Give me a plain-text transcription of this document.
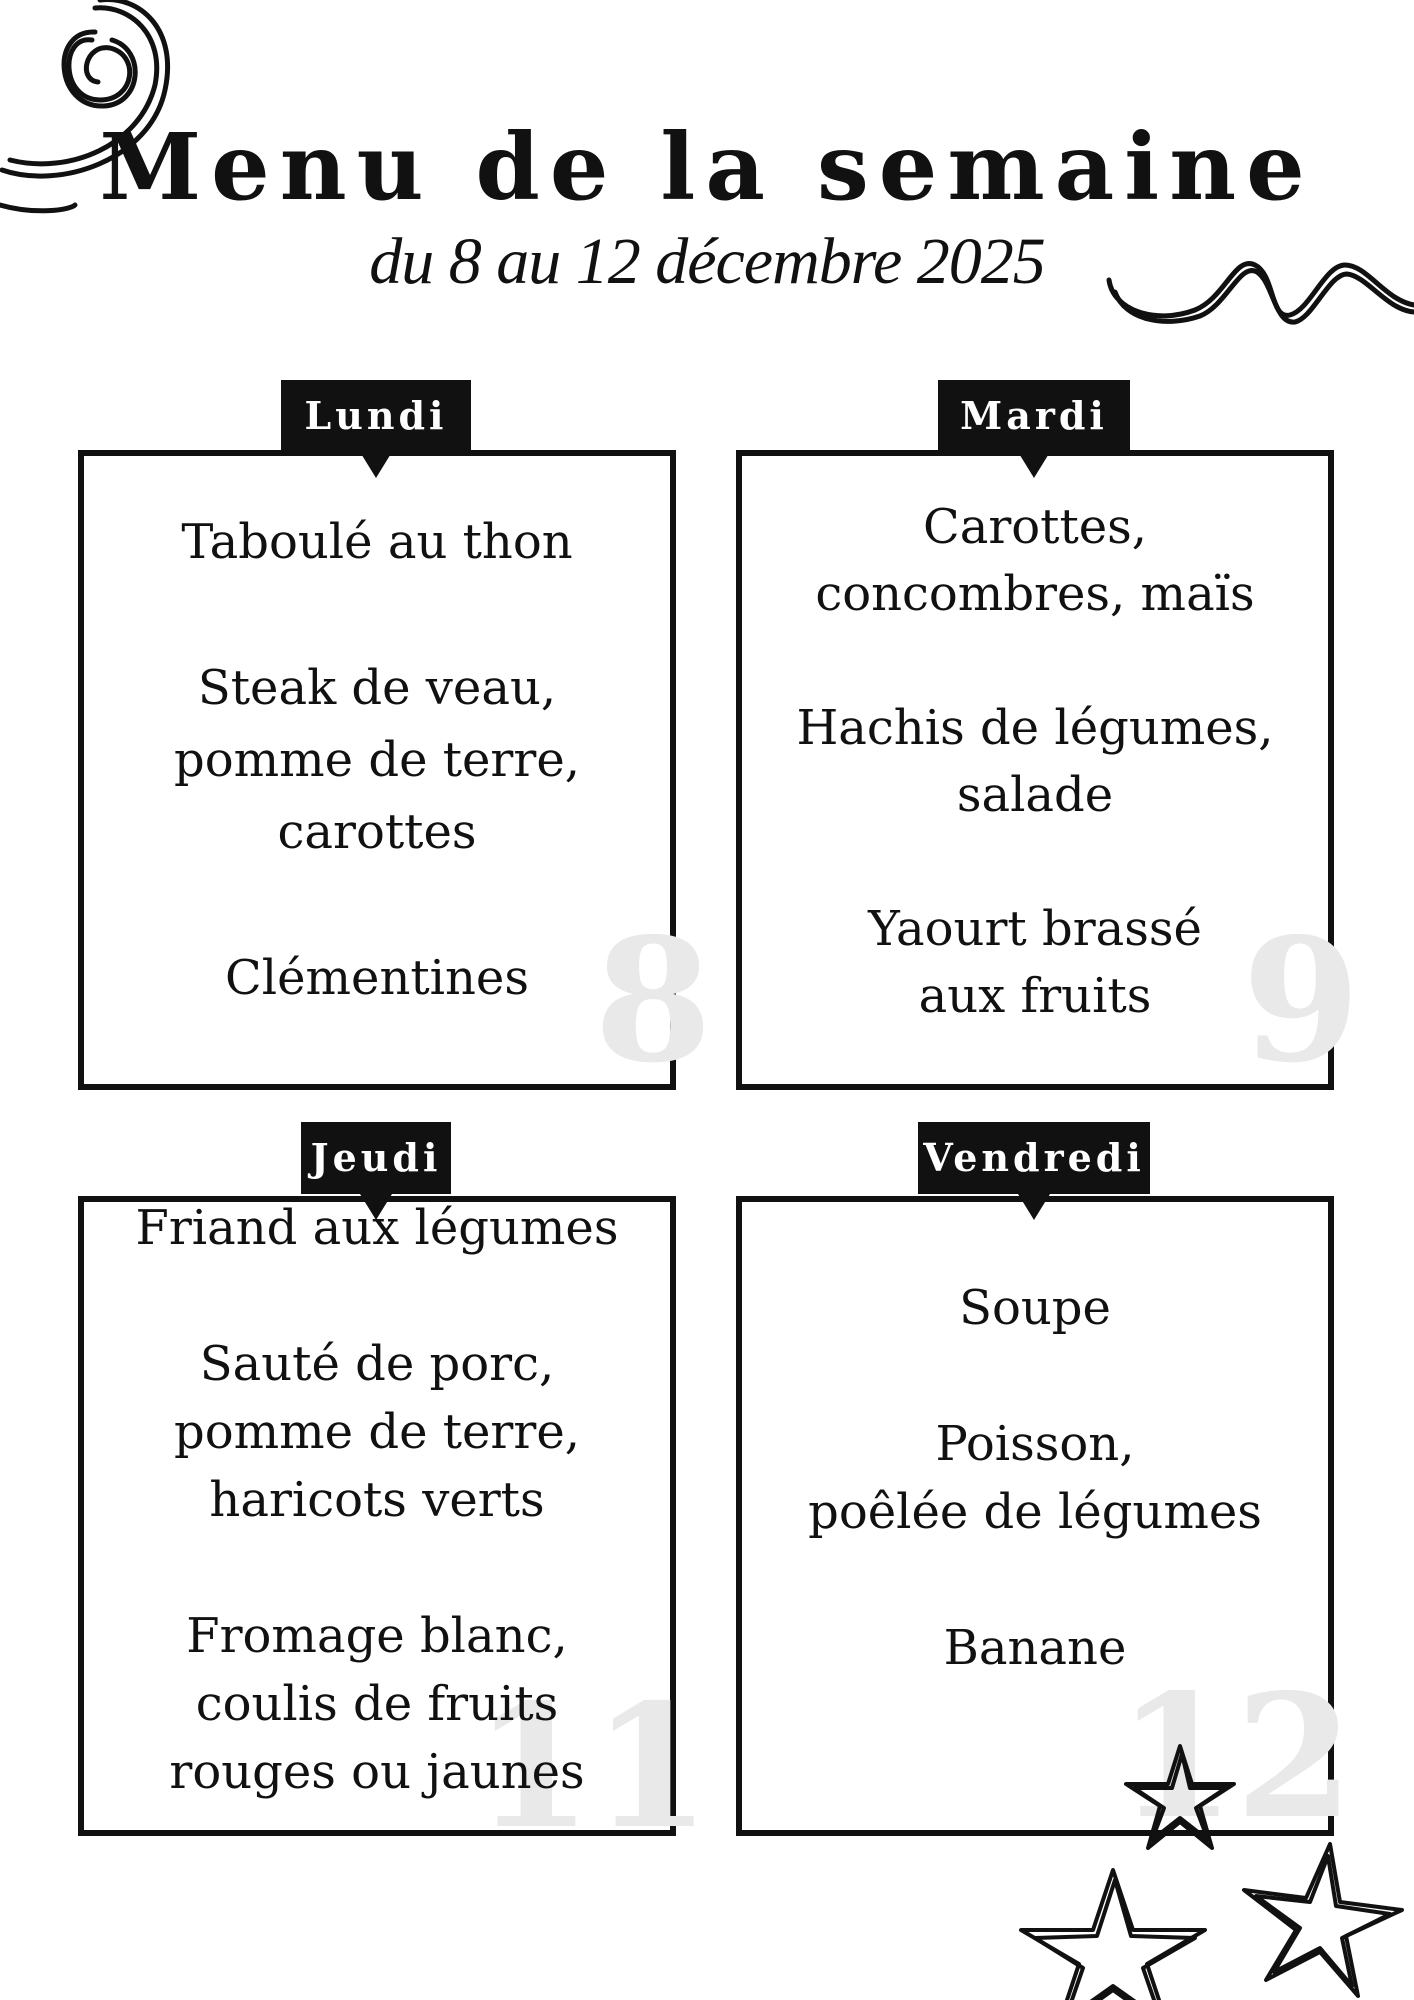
Menu de la semaine
du 8 au 12 décembre 2025
8
Taboulé au thon
Steak de veau,
pomme de terre,
carottes
Clémentines
Lundi
9
Carottes,
concombres, maïs
Hachis de légumes,
salade
Yaourt brassé
aux fruits
Mardi
11
Friand aux légumes
Sauté de porc,
pomme de terre,
haricots verts
Fromage blanc,
coulis de fruits
rouges ou jaunes
Jeudi
12
Soupe
Poisson,
poêlée de légumes
Banane
Vendredi
